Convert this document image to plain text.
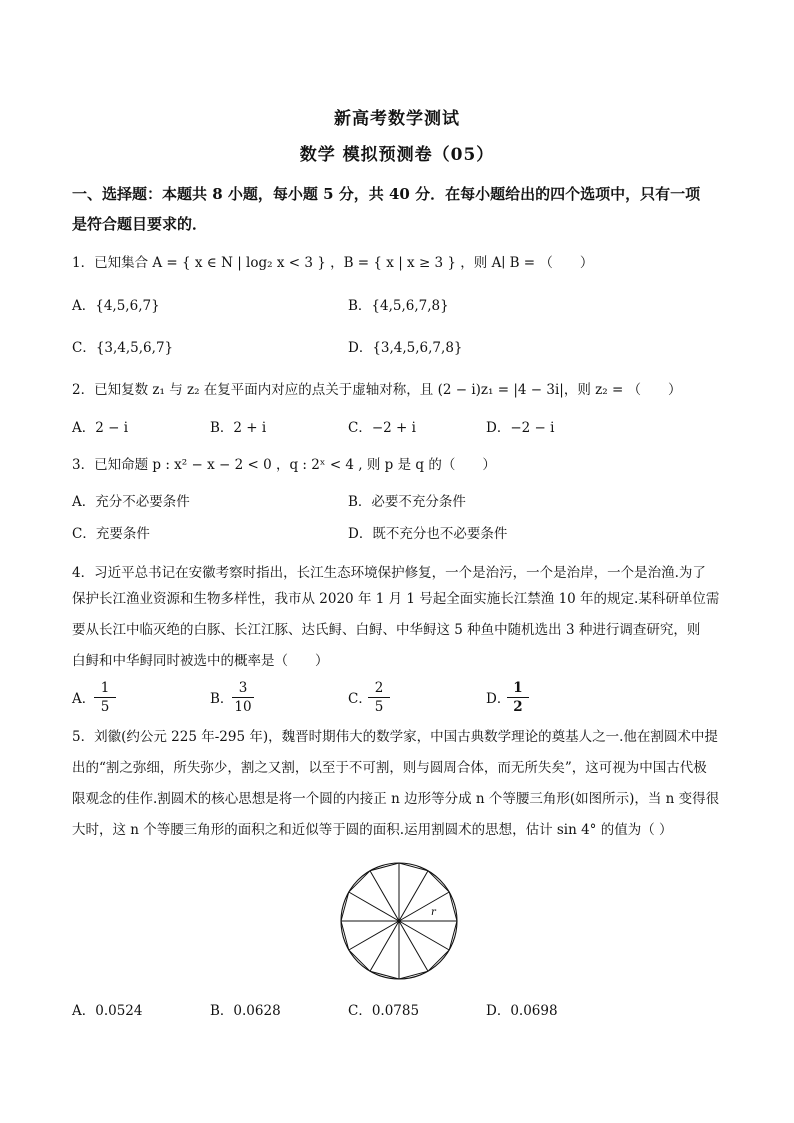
新高考数学测试
数学 模拟预测卷（05）
一、选择题：本题共 8 小题，每小题 5 分，共 40 分．在每小题给出的四个选项中，只有一项
是符合题目要求的．
1．已知集合 A = { x ∈ N | log₂ x < 3 } ，B = { x | x ≥ 3 } ，则 A∣ B = （　　）
A．{4,5,6,7}	B．{4,5,6,7,8}
C．{3,4,5,6,7}	D．{3,4,5,6,7,8}
2．已知复数 z₁ 与 z₂ 在复平面内对应的点关于虚轴对称，且 (2 − i)z₁ = |4 − 3i|，则 z₂ = （　　）
A．2 − i	B．2 + i	C．−2 + i	D．−2 − i
3．已知命题 p : x² − x − 2 < 0 ，q : 2ˣ < 4 , 则 p 是 q 的（　　）
A．充分不必要条件	B．必要不充分条件
C．充要条件	D．既不充分也不必要条件
4．习近平总书记在安徽考察时指出，长江生态环境保护修复，一个是治污，一个是治岸，一个是治渔.为了
保护长江渔业资源和生物多样性，我市从 2020 年 1 月 1 号起全面实施长江禁渔 10 年的规定.某科研单位需
要从长江中临灭绝的白豚、长江江豚、达氏鲟、白鲟、中华鲟这 5 种鱼中随机选出 3 种进行调查研究，则
白鲟和中华鲟同时被选中的概率是（　　）
A．
1
5	B．
3
10	C．
2
5	D．
1
2
5．刘徽(约公元 225 年-295 年)，魏晋时期伟大的数学家，中国古典数学理论的奠基人之一.他在割圆术中提
出的“割之弥细，所失弥少，割之又割，以至于不可割，则与圆周合体，而无所失矣”，这可视为中国古代极
限观念的佳作.割圆术的核心思想是将一个圆的内接正 n 边形等分成 n 个等腰三角形(如图所示)，当 n 变得很
大时，这 n 个等腰三角形的面积之和近似等于圆的面积.运用割圆术的思想，估计 sin 4° 的值为（ ）
r
A．0.0524	B．0.0628	C．0.0785	D．0.0698
